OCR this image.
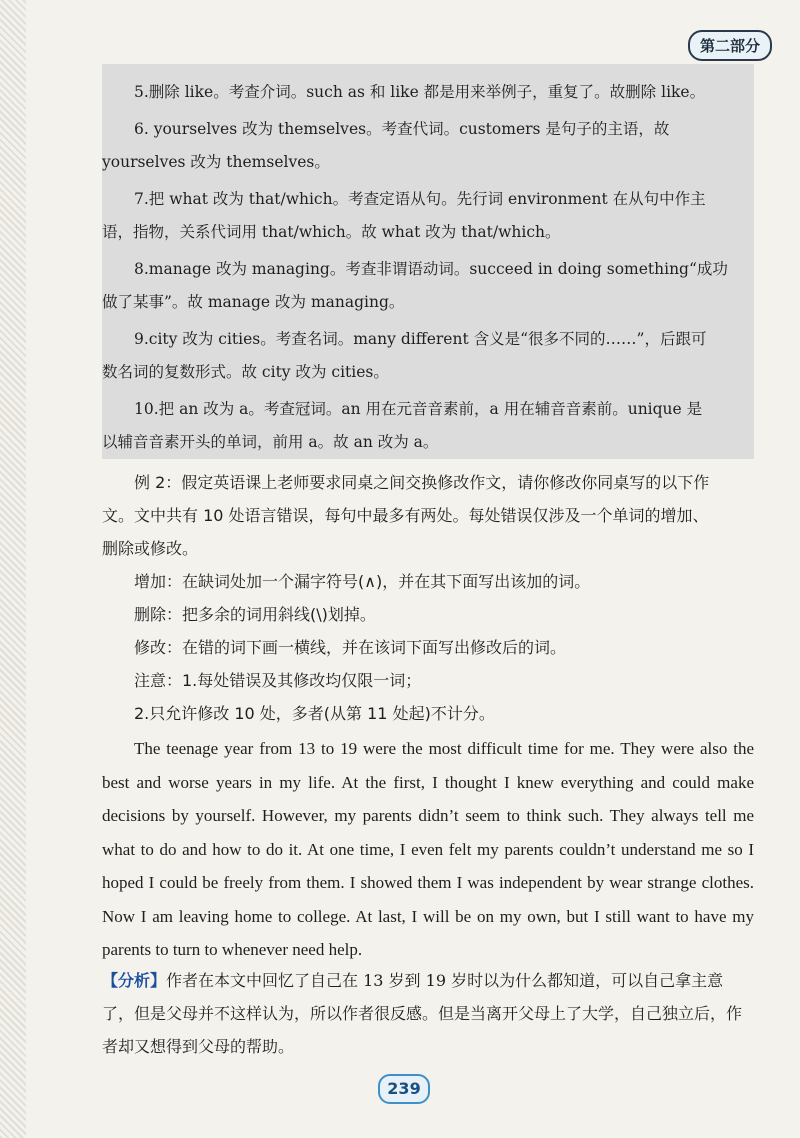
第二部分

5.删除 like。考查介词。such as 和 like 都是用来举例子，重复了。故删除 like。

6. yourselves 改为 themselves。考查代词。customers 是句子的主语，故

yourselves 改为 themselves。

7.把 what 改为 that/which。考查定语从句。先行词 environment 在从句中作主

语，指物，关系代词用 that/which。故 what 改为 that/which。

8.manage 改为 managing。考查非谓语动词。succeed in doing something“成功

做了某事”。故 manage 改为 managing。

9.city 改为 cities。考查名词。many different 含义是“很多不同的……”，后跟可

数名词的复数形式。故 city 改为 cities。

10.把 an 改为 a。考查冠词。an 用在元音音素前，a 用在辅音音素前。unique 是

以辅音音素开头的单词，前用 a。故 an 改为 a。

例 2：假定英语课上老师要求同桌之间交换修改作文，请你修改你同桌写的以下作

文。文中共有 10 处语言错误，每句中最多有两处。每处错误仅涉及一个单词的增加、

删除或修改。

增加：在缺词处加一个漏字符号(∧)，并在其下面写出该加的词。

删除：把多余的词用斜线(\)划掉。

修改：在错的词下画一横线，并在该词下面写出修改后的词。

注意：1.每处错误及其修改均仅限一词；

2.只允许修改 10 处，多者(从第 11 处起)不计分。

The teenage year from 13 to 19 were the most difficult time for me. They were also the best and worse years in my life. At the first, I thought I knew everything and could make decisions by yourself. However, my parents didn’t seem to think such. They always tell me what to do and how to do it. At one time, I even felt my parents couldn’t understand me so I hoped I could be freely from them. I showed them I was independent by wear strange clothes. Now I am leaving home to college. At last, I will be on my own, but I still want to have my parents to turn to whenever need help.
【分析】作者在本文中回忆了自己在 13 岁到 19 岁时以为什么都知道，可以自己拿主意了，但是父母并不这样认为，所以作者很反感。但是当离开父母上了大学，自己独立后，作者却又想得到父母的帮助。
239
